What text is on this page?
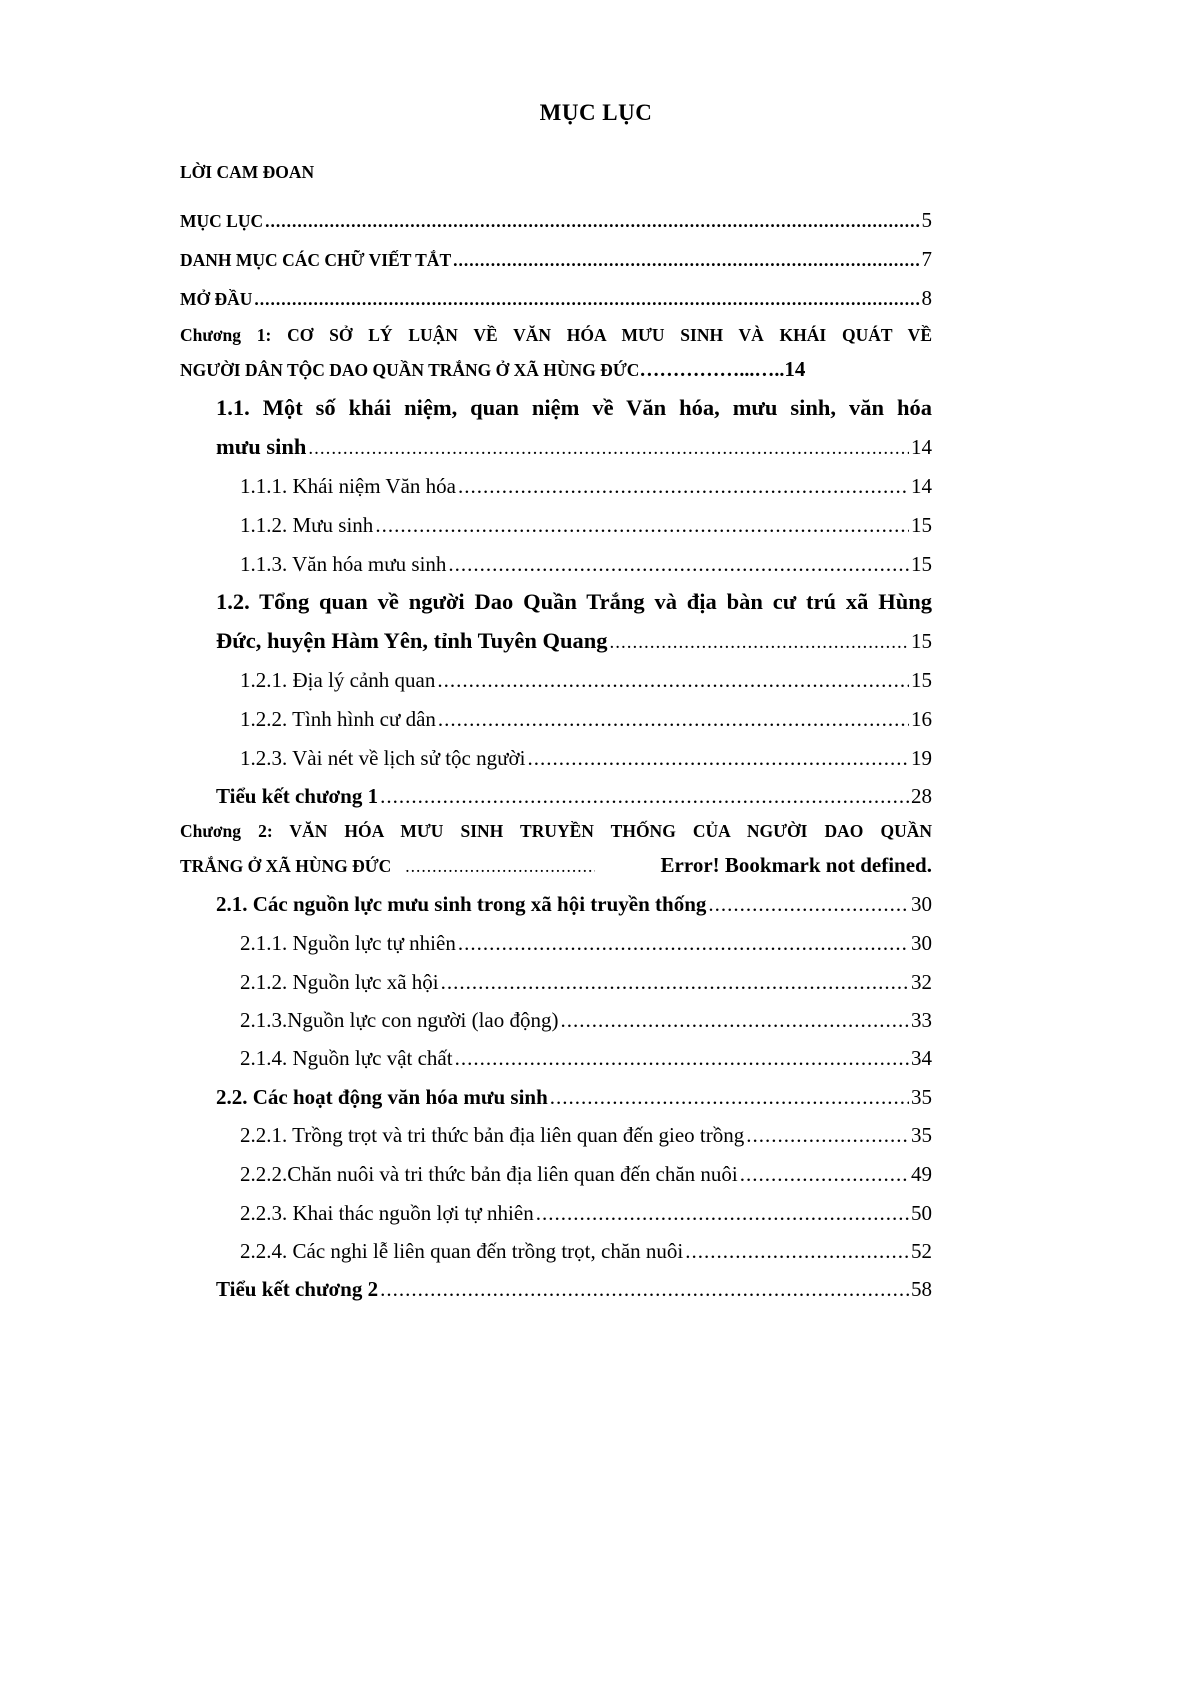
MỤC LỤC
LỜI CAM ĐOAN
MỤC LỤC .....	5
DANH MỤC CÁC CHỮ VIẾT TẮT .....	7
MỞ ĐẦU .....	8
Chương 1: CƠ SỞ LÝ LUẬN VỀ VĂN HÓA MƯU SINH VÀ KHÁI QUÁT VỀ
NGƯỜI DÂN TỘC DAO QUẦN TRẮNG Ở XÃ HÙNG ĐỨC ……………...….. 14
1.1. Một số khái niệm, quan niệm về Văn hóa, mưu sinh, văn hóa
mưu sinh .....	14
1.1.1. Khái niệm Văn hóa .....	14
1.1.2. Mưu sinh .....	15
1.1.3. Văn hóa mưu sinh .....	15
1.2. Tổng quan về người Dao Quần Trắng và địa bàn cư trú xã Hùng
Đức, huyện Hàm Yên, tỉnh Tuyên Quang .....	15
1.2.1. Địa lý cảnh quan .....	15
1.2.2. Tình hình cư dân .....	16
1.2.3. Vài nét về lịch sử tộc người .....	19
Tiểu kết chương 1 .....	28
Chương 2: VĂN HÓA MƯU SINH TRUYỀN THỐNG CỦA NGƯỜI DAO QUẦN
TRẮNG Ở XÃ HÙNG ĐỨC .....	Error! Bookmark not defined.
2.1. Các nguồn lực mưu sinh trong xã hội truyền thống .....	30
2.1.1. Nguồn lực tự nhiên .....	30
2.1.2. Nguồn lực xã hội .....	32
2.1.3.Nguồn lực con người (lao động) .....	33
2.1.4. Nguồn lực vật chất .....	34
2.2. Các hoạt động văn hóa mưu sinh .....	35
2.2.1. Trồng trọt và tri thức bản địa liên quan đến gieo trồng .....	35
2.2.2.Chăn nuôi và tri thức bản địa liên quan đến chăn nuôi .....	49
2.2.3. Khai thác nguồn lợi tự nhiên .....	50
2.2.4. Các nghi lễ liên quan đến trồng trọt, chăn nuôi .....	52
Tiểu kết chương 2 .....	58
